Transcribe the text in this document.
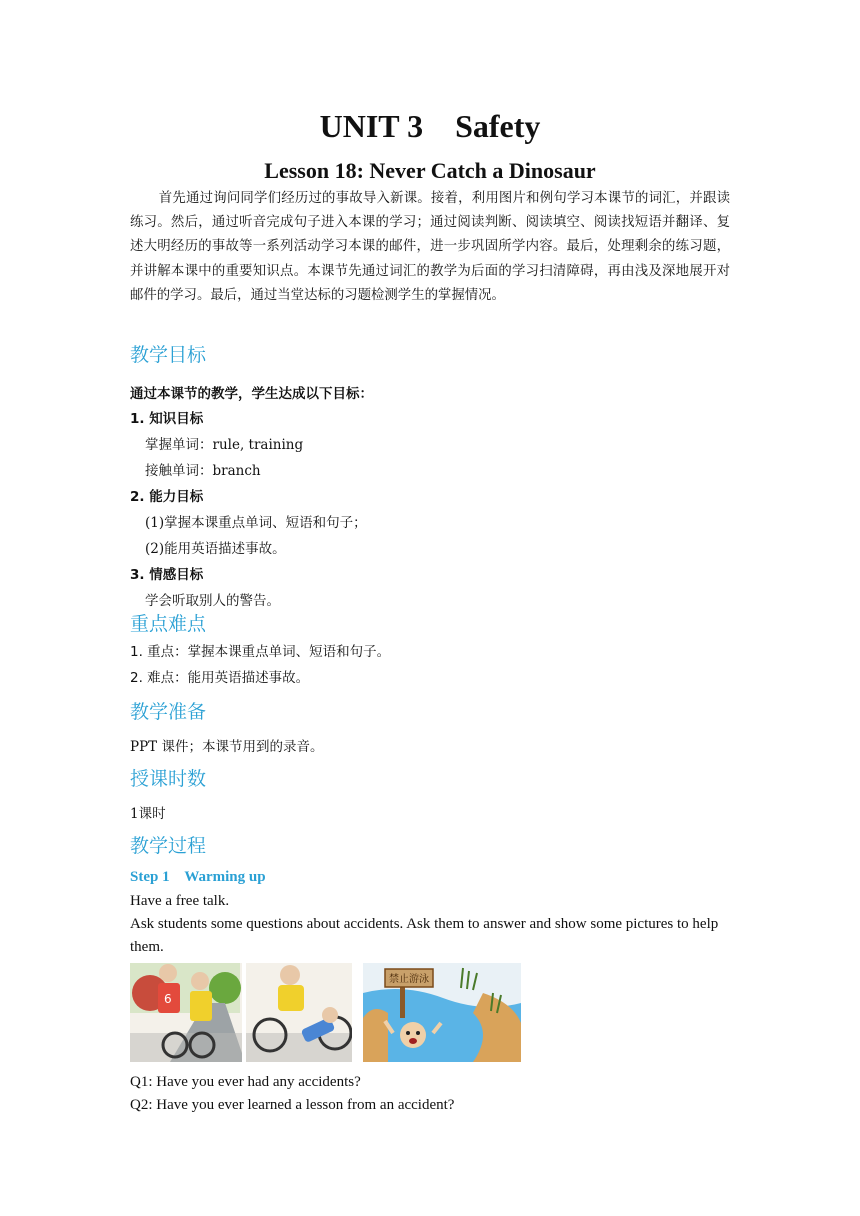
UNIT 3    Safety
Lesson 18: Never Catch a Dinosaur
首先通过询问同学们经历过的事故导入新课。接着，利用图片和例句学习本课节的词汇，并跟读练习。然后，通过听音完成句子进入本课的学习；通过阅读判断、阅读填空、阅读找短语并翻译、复述大明经历的事故等一系列活动学习本课的邮件，进一步巩固所学内容。最后，处理剩余的练习题，并讲解本课中的重要知识点。本课节先通过词汇的教学为后面的学习扫清障碍，再由浅及深地展开对邮件的学习。最后，通过当堂达标的习题检测学生的掌握情况。
教学目标
通过本课节的教学，学生达成以下目标：
1. 知识目标
掌握单词：rule, training
接触单词：branch
2. 能力目标
(1)掌握本课重点单词、短语和句子；
(2)能用英语描述事故。
3. 情感目标
学会听取别人的警告。
重点难点
1. 重点：掌握本课重点单词、短语和句子。
2. 难点：能用英语描述事故。
教学准备
PPT 课件；本课节用到的录音。
授课时数
1课时
教学过程
Step 1    Warming up
Have a free talk.
Ask students some questions about accidents. Ask them to answer and show some pictures to help them.
6
禁止游泳
Q1: Have you ever had any accidents?
Q2: Have you ever learned a lesson from an accident?
